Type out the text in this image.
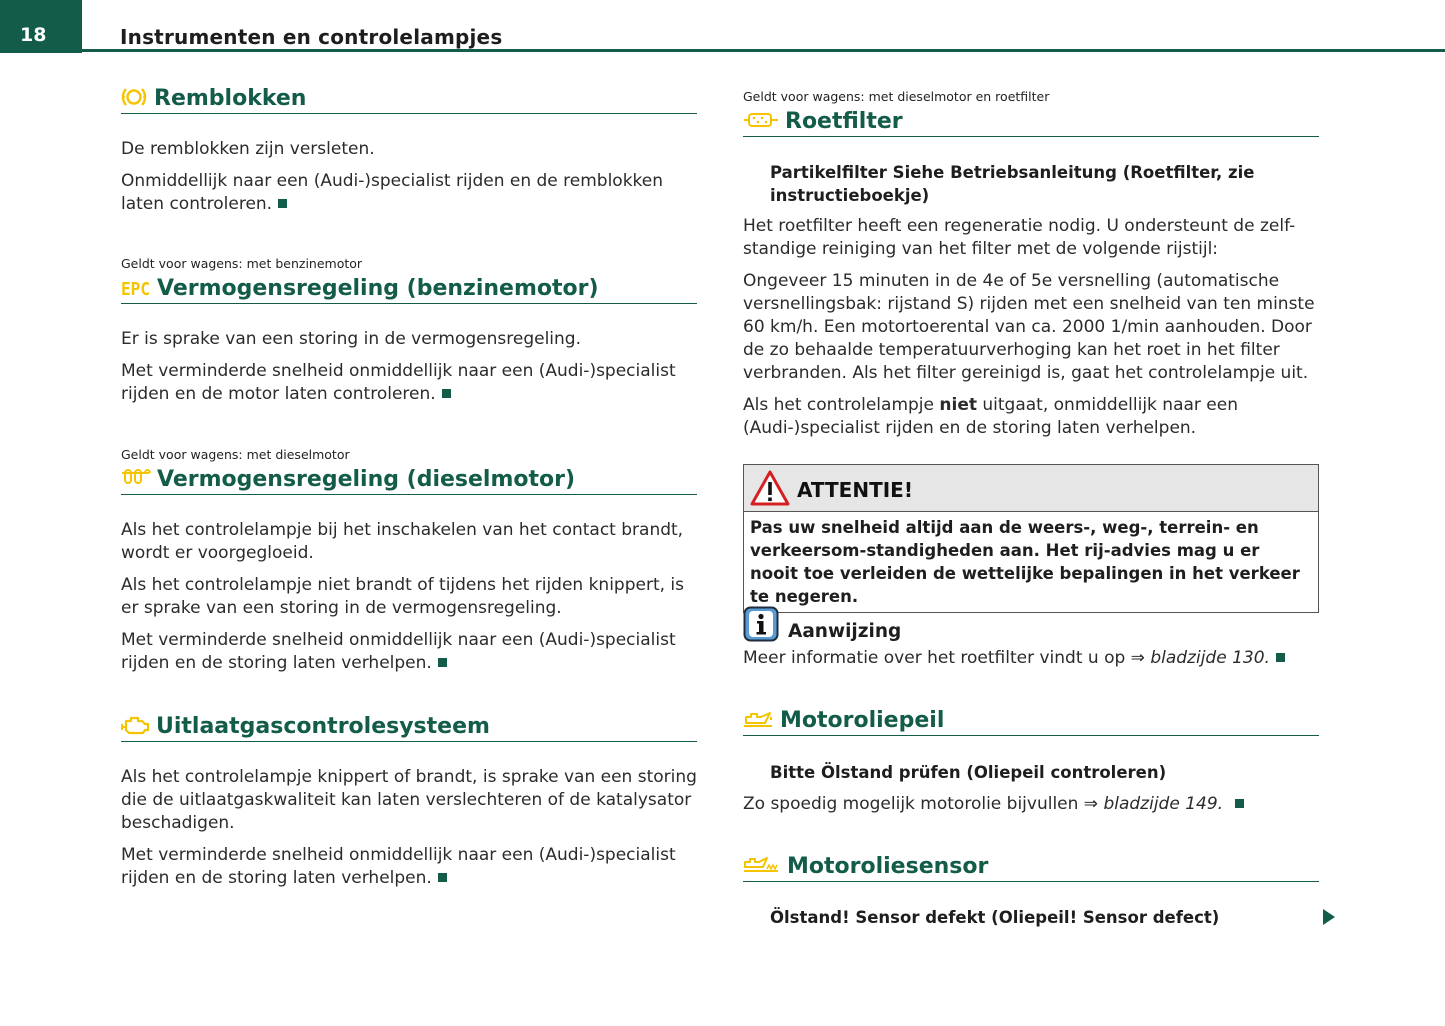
18	Instrumenten en controlelampjes
Remblokken

De remblokken zijn versleten.

Onmiddellijk naar een (Audi-)specialist rijden en de remblokken laten controleren.

Geldt voor wagens: met benzinemotor
EPC Vermogensregeling (benzinemotor)

Er is sprake van een storing in de vermogensregeling.

Met verminderde snelheid onmiddellijk naar een (Audi-)specialist rijden en de motor laten controleren.

Geldt voor wagens: met dieselmotor
Vermogensregeling (dieselmotor)

Als het controlelampje bij het inschakelen van het contact brandt, wordt er voorgegloeid.

Als het controlelampje niet brandt of tijdens het rijden knippert, is er sprake van een storing in de vermogensregeling.

Met verminderde snelheid onmiddellijk naar een (Audi-)specialist rijden en de storing laten verhelpen.

Uitlaatgascontrolesysteem

Als het controlelampje knippert of brandt, is sprake van een storing die de uitlaatgaskwaliteit kan laten verslechteren of de katalysator beschadigen.

Met verminderde snelheid onmiddellijk naar een (Audi-)specialist rijden en de storing laten verhelpen.

Geldt voor wagens: met dieselmotor en roetfilter
Roetfilter

Partikelfilter Siehe Betriebsanleitung (Roetfilter, zie instructieboekje)

Het roetfilter heeft een regeneratie nodig. U ondersteunt de zelf-standige reiniging van het filter met de volgende rijstijl:

Ongeveer 15 minuten in de 4e of 5e versnelling (automatische versnellingsbak: rijstand S) rijden met een snelheid van ten minste 60 km/h. Een motortoerental van ca. 2000 1/min aanhouden. Door de zo behaalde temperatuurverhoging kan het roet in het filter verbranden. Als het filter gereinigd is, gaat het controlelampje uit.

Als het controlelampje niet uitgaat, onmiddellijk naar een (Audi-)specialist rijden en de storing laten verhelpen.

ATTENTIE!
Pas uw snelheid altijd aan de weers-, weg-, terrein- en verkeersom-standigheden aan. Het rij-advies mag u er nooit toe verleiden de wettelijke bepalingen in het verkeer te negeren.
Aanwijzing

Meer informatie over het roetfilter vindt u op ⇒ bladzijde 130.

Motoroliepeil

Bitte Ölstand prüfen (Oliepeil controleren)

Zo spoedig mogelijk motorolie bijvullen ⇒ bladzijde 149.

Motoroliesensor

Ölstand! Sensor defekt (Oliepeil! Sensor defect)
